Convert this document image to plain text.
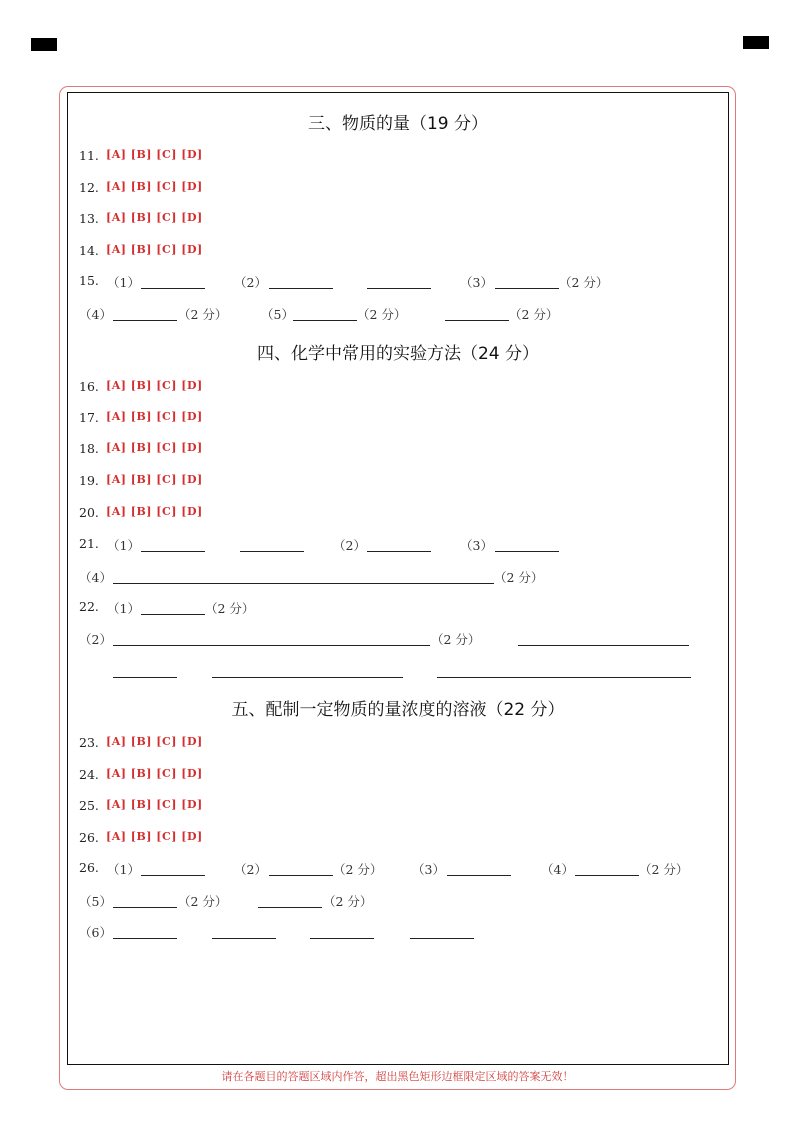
三、物质的量（19 分）
11. [A] [B] [C] [D]
12. [A] [B] [C] [D]
13. [A] [B] [C] [D]
14. [A] [B] [C] [D]
15. （1）	（2）	（3）	（2 分）
（4）	（2 分）	（5）	（2 分）	（2 分）
四、化学中常用的实验方法（24 分）
16. [A] [B] [C] [D]
17. [A] [B] [C] [D]
18. [A] [B] [C] [D]
19. [A] [B] [C] [D]
20. [A] [B] [C] [D]
21. （1）	（2）	（3）
（4）	（2 分）
22. （1）	（2 分）
（2）	（2 分）
五、配制一定物质的量浓度的溶液（22 分）
23. [A] [B] [C] [D]
24. [A] [B] [C] [D]
25. [A] [B] [C] [D]
26. [A] [B] [C] [D]
26. （1）	（2）	（2 分） （3）	（4）	（2 分）
（5）	（2 分）	（2 分）
（6）
请在各题目的答题区域内作答，超出黑色矩形边框限定区域的答案无效！
